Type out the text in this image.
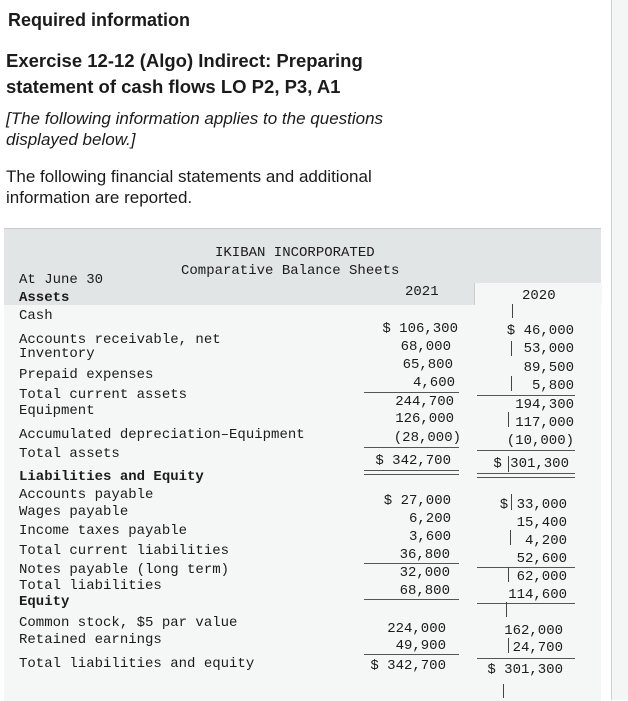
Required information
Exercise 12-12 (Algo) Indirect: Preparing statement of cash flows LO P2, P3, A1
[The following information applies to the questions displayed below.]
The following financial statements and additional information are reported.
IKIBAN INCORPORATED
Comparative Balance Sheets
At June 30
2021	2020
Assets
Cash
Accounts receivable, net
Inventory
Prepaid expenses
Total current assets
Equipment
Accumulated depreciation–Equipment
Total assets
Liabilities and Equity
Accounts payable
Wages payable
Income taxes payable
Total current liabilities
Notes payable (long term)
Total liabilities
Equity
Common stock, $5 par value
Retained earnings
Total liabilities and equity
$ 106,300
68,000
65,800
4,600
244,700
126,000
(28,000)
$ 342,700
$ 27,000
6,200
3,600
36,800
32,000
68,800
224,000
49,900
$ 342,700
$ 46,000
53,000
89,500
5,800
194,300
117,000
(10,000)
$ 301,300
$ 33,000
15,400
4,200
52,600
62,000
114,600
162,000
24,700
$ 301,300
